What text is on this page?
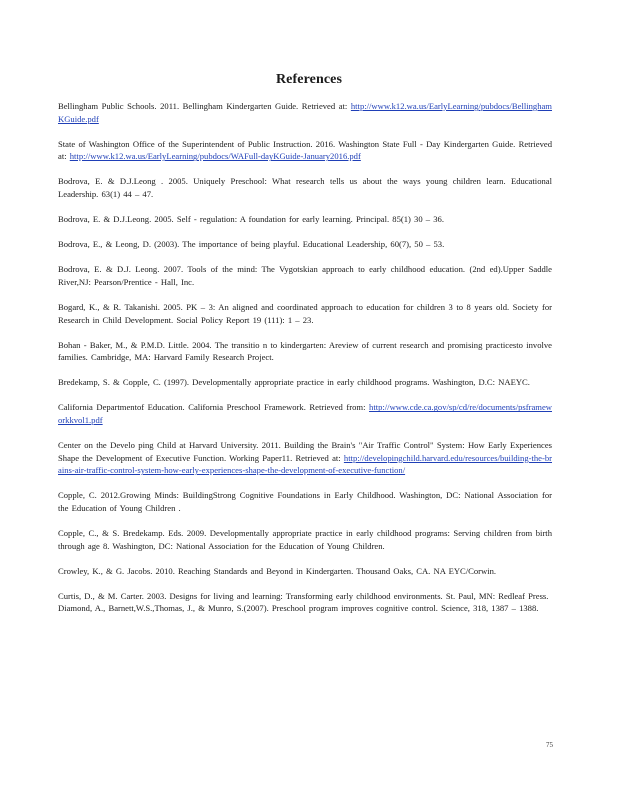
References
Bellingham Public Schools. 2011. Bellingham Kindergarten Guide. Retrieved at: http://www.k12.wa.us/EarlyLearning/pubdocs/BellinghamKGuide.pdf
State of Washington Office of the Superintendent of Public Instruction. 2016. Washington State Full - Day Kindergarten Guide. Retrieved at: http://www.k12.wa.us/EarlyLearning/pubdocs/WAFull-dayKGuide-January2016.pdf
Bodrova, E. & D.J.Leong . 2005. Uniquely Preschool: What research tells us about the ways young children learn. Educational Leadership. 63(1) 44 – 47.
Bodrova, E. & D.J.Leong. 2005. Self - regulation: A foundation for early learning. Principal. 85(1) 30 – 36.
Bodrova, E., & Leong, D. (2003). The importance of being playful. Educational Leadership, 60(7), 50 – 53.
Bodrova, E. & D.J. Leong. 2007. Tools of the mind: The Vygotskian approach to early childhood education. (2nd ed).Upper Saddle River,NJ: Pearson/Prentice - Hall, Inc.
Bogard, K., & R. Takanishi. 2005. PK – 3: An aligned and coordinated approach to education for children 3 to 8 years old. Society for Research in Child Development. Social Policy Report 19 (111): 1 – 23.
Bohan - Baker, M., & P.M.D. Little. 2004. The transitio n to kindergarten: Areview of current research and promising practicesto involve families. Cambridge, MA: Harvard Family Research Project.
Bredekamp, S. & Copple, C. (1997). Developmentally appropriate practice in early childhood programs. Washington, D.C: NAEYC.
California Departmentof Education. California Preschool Framework. Retrieved from: http://www.cde.ca.gov/sp/cd/re/documents/psframeworkkvol1.pdf
Center on the Develo ping Child at Harvard University. 2011. Building the Brain's "Air Traffic Control" System: How Early Experiences Shape the Development of Executive Function. Working Paper11. Retrieved at: http://developingchild.harvard.edu/resources/building-the-brains-air-traffic-control-system-how-early-experiences-shape-the-development-of-executive-function/
Copple, C. 2012.Growing Minds: BuildingStrong Cognitive Foundations in Early Childhood. Washington, DC: National Association for the Education of Young Children .
Copple, C., & S. Bredekamp. Eds. 2009. Developmentally appropriate practice in early childhood programs: Serving children from birth through age 8. Washington, DC: National Association for the Education of Young Children.
Crowley, K., & G. Jacobs. 2010. Reaching Standards and Beyond in Kindergarten. Thousand Oaks, CA. NA EYC/Corwin.
Curtis, D., & M. Carter. 2003. Designs for living and learning: Transforming early childhood environments. St. Paul, MN: Redleaf Press.
Diamond, A., Barnett,W.S.,Thomas, J., & Munro, S.(2007). Preschool program improves cognitive control. Science, 318, 1387 – 1388.
75
